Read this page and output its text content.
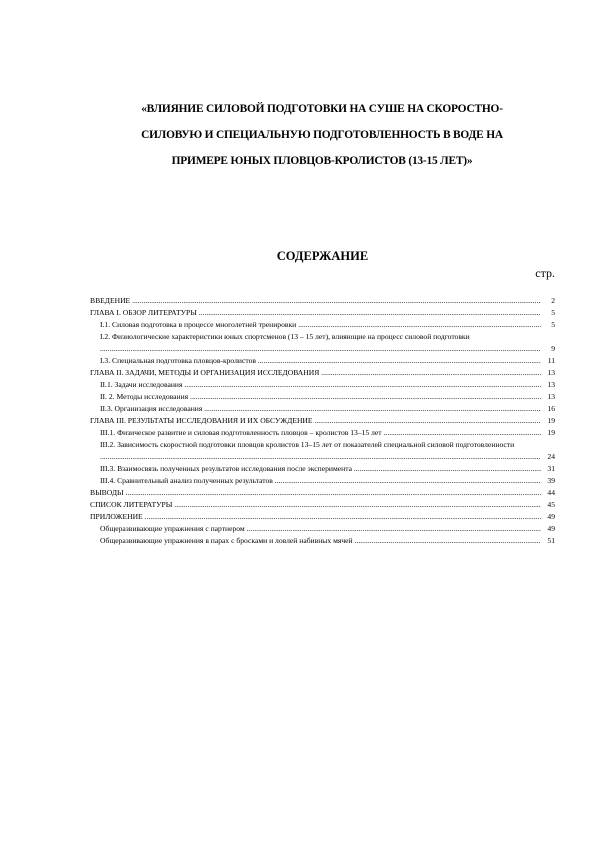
«ВЛИЯНИЕ СИЛОВОЙ ПОДГОТОВКИ НА СУШЕ НА СКОРОСТНО-
СИЛОВУЮ И СПЕЦИАЛЬНУЮ ПОДГОТОВЛЕННОСТЬ В ВОДЕ НА
ПРИМЕРЕ ЮНЫХ ПЛОВЦОВ-КРОЛИСТОВ (13-15 ЛЕТ)»
СОДЕРЖАНИЕ
стр.
ВВЕДЕНИЕ .....	2
ГЛАВА I. ОБЗОР ЛИТЕРАТУРЫ .....	5
I.1. Силовая подготовка в процессе многолетней тренировки .....	5
I.2. Физиологические характеристики юных спортсменов (13 – 15 лет), влияющие на процесс силовой подготовки .....
9
I.3. Специальная подготовка пловцов-кролистов .....	11
ГЛАВА II. ЗАДАЧИ, МЕТОДЫ И ОРГАНИЗАЦИЯ ИССЛЕДОВАНИЯ .....	13
II.1. Задачи исследования .....	13
II. 2. Методы исследования .....	13
II.3. Организация исследования .....	16
ГЛАВА III. РЕЗУЛЬТАТЫ ИССЛЕДОВАНИЯ И ИХ ОБСУЖДЕНИЕ .....	19
III.1. Физическое развитие и силовая подготовленность пловцов – кролистов 13–15 лет .....	19
III.2. Зависимость скоростной подготовки пловцов кролистов 13–15 лет от показателей специальной силовой подготовленности .....
24
III.3. Взаимосвязь полученных результатов исследования после эксперимента .....	31
III.4. Сравнительный анализ полученных результатов .....	39
ВЫВОДЫ .....	44
СПИСОК ЛИТЕРАТУРЫ .....	45
ПРИЛОЖЕНИЕ .....	49
Общеразвивающие упражнения с партнером .....	49
Общеразвивающие упражнения в парах с бросками и ловлей набивных мячей .....	51
